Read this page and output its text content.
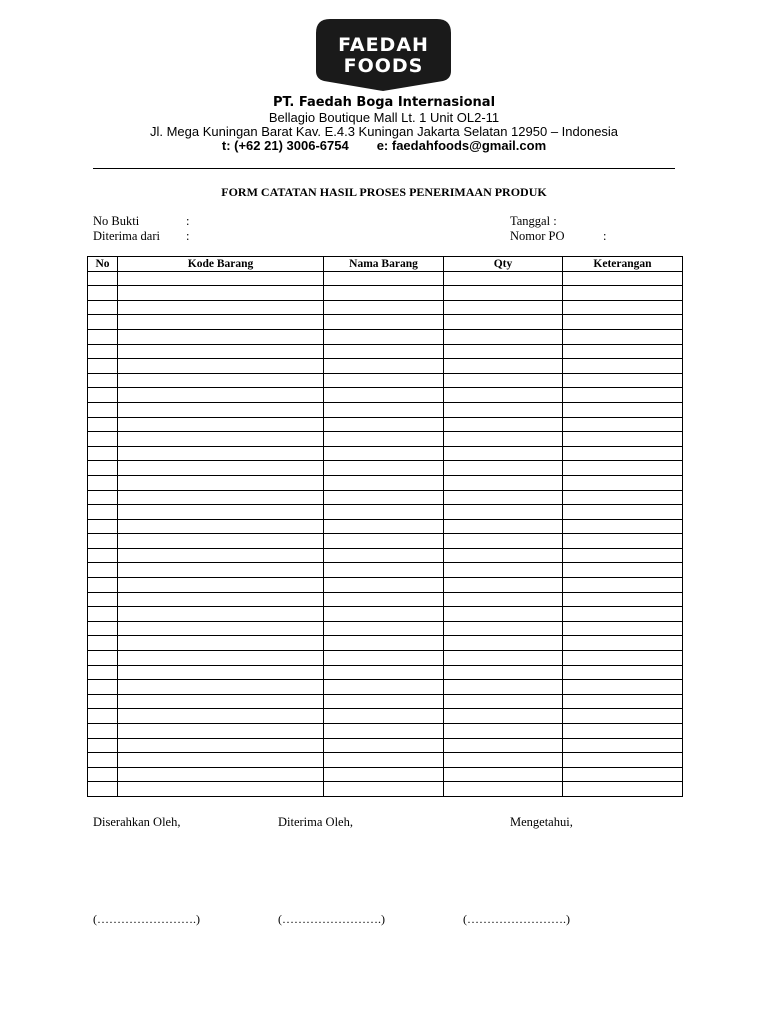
FAEDAH
FOODS
PT. Faedah Boga Internasional
Bellagio Boutique Mall Lt. 1 Unit OL2-11
Jl. Mega Kuningan Barat Kav. E.4.3 Kuningan Jakarta Selatan 12950 – Indonesia
t: (+62 21) 3006-6754 e: faedahfoods@gmail.com
FORM CATATAN HASIL PROSES PENERIMAAN PRODUK
No Bukti	:
Diterima dari :
Tanggal :
Nomor PO	:
No	Kode Barang	Nama Barang	Qty	Keterangan

Diserahkan Oleh,	Diterima Oleh,	Mengetahui,
(…………………….)	(…………………….)	(…………………….)
